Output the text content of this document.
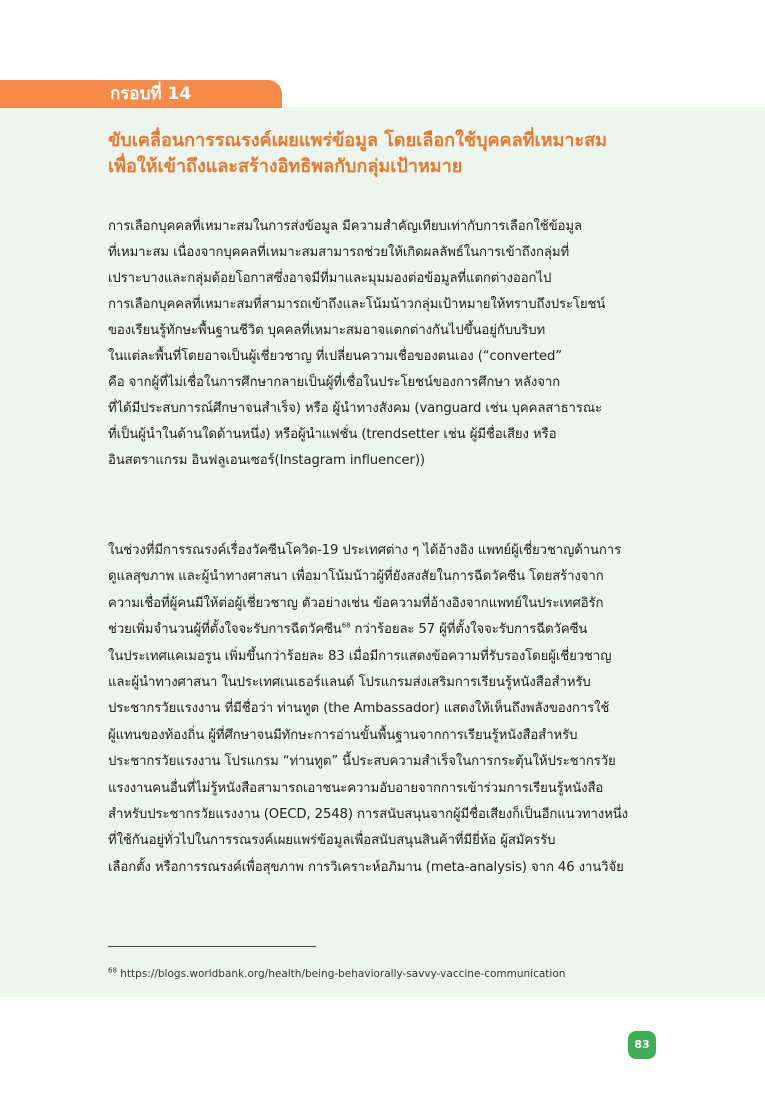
กรอบที่ 14
ขับเคลื่อนการรณรงค์เผยแพร่ข้อมูล โดยเลือกใช้บุคคลที่เหมาะสม
เพื่อให้เข้าถึงและสร้างอิทธิพลกับกลุ่มเป้าหมาย

การเลือกบุคคลที่เหมาะสมในการส่งข้อมูล มีความสำคัญเทียบเท่ากับการเลือกใช้ข้อมูล
ที่เหมาะสม เนื่องจากบุคคลที่เหมาะสมสามารถช่วยให้เกิดผลลัพธ์ในการเข้าถึงกลุ่มที่
เปราะบางและกลุ่มด้อยโอกาสซึ่งอาจมีที่มาและมุมมองต่อข้อมูลที่แตกต่างออกไป
การเลือกบุคคลที่เหมาะสมที่สามารถเข้าถึงและโน้มน้าวกลุ่มเป้าหมายให้ทราบถึงประโยชน์
ของเรียนรู้ทักษะพื้นฐานชีวิต บุคคลที่เหมาะสมอาจแตกต่างกันไปขึ้นอยู่กับบริบท
ในแต่ละพื้นที่โดยอาจเป็นผู้เชี่ยวชาญ ที่เปลี่ยนความเชื่อของตนเอง (“converted”
คือ จากผู้ที่ไม่เชื่อในการศึกษากลายเป็นผู้ที่เชื่อในประโยชน์ของการศึกษา หลังจาก
ที่ได้มีประสบการณ์ศึกษาจนสำเร็จ) หรือ ผู้นำทางสังคม (vanguard เช่น บุคคลสาธารณะ
ที่เป็นผู้นำในด้านใดด้านหนึ่ง) หรือผู้นำแฟชั่น (trendsetter เช่น ผู้มีชื่อเสียง หรือ
อินสตราแกรม อินฟลูเอนเซอร์(Instagram influencer))

ในช่วงที่มีการรณรงค์เรื่องวัคซีนโควิด-19 ประเทศต่าง ๆ ได้อ้างอิง แพทย์ผู้เชี่ยวชาญด้านการ
ดูแลสุขภาพ และผู้นำทางศาสนา เพื่อมาโน้มน้าวผู้ที่ยังสงสัยในการฉีดวัคซีน โดยสร้างจาก
ความเชื่อที่ผู้คนมีให้ต่อผู้เชี่ยวชาญ ตัวอย่างเช่น ข้อความที่อ้างอิงจากแพทย์ในประเทศอิรัก
ช่วยเพิ่มจำนวนผู้ที่ตั้งใจจะรับการฉีดวัคซีน$^{68}$ กว่าร้อยละ 57 ผู้ที่ตั้งใจจะรับการฉีดวัคซีน
ในประเทศแคเมอรูน เพิ่มขึ้นกว่าร้อยละ 83 เมื่อมีการแสดงข้อความที่รับรองโดยผู้เชี่ยวชาญ
และผู้นำทางศาสนา ในประเทศเนเธอร์แลนด์ โปรแกรมส่งเสริมการเรียนรู้หนังสือสำหรับ
ประชากรวัยแรงงาน ที่มีชื่อว่า ท่านทูต (the Ambassador) แสดงให้เห็นถึงพลังของการใช้
ผู้แทนของท้องถิ่น ผู้ที่ศึกษาจนมีทักษะการอ่านขั้นพื้นฐานจากการเรียนรู้หนังสือสำหรับ
ประชากรวัยแรงงาน โปรแกรม “ท่านทูต” นี้ประสบความสำเร็จในการกระตุ้นให้ประชากรวัย
แรงงานคนอื่นที่ไม่รู้หนังสือสามารถเอาชนะความอับอายจากการเข้าร่วมการเรียนรู้หนังสือ
สำหรับประชากรวัยแรงงาน (OECD, 2548) การสนับสนุนจากผู้มีชื่อเสียงก็เป็นอีกแนวทางหนึ่ง
ที่ใช้กันอยู่ทั่วไปในการรณรงค์เผยแพร่ข้อมูลเพื่อสนับสนุนสินค้าที่มียี่ห้อ ผู้สมัครรับ
เลือกตั้ง หรือการรณรงค์เพื่อสุขภาพ การวิเคราะห์อภิมาน (meta-analysis) จาก 46 งานวิจัย

$^{68}$ https://blogs.worldbank.org/health/being-behaviorally-savvy-vaccine-communication

83
